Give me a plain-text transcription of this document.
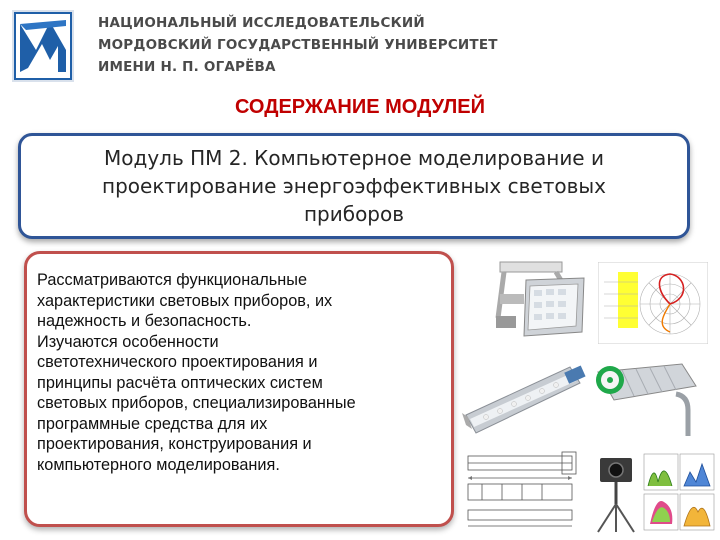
НАЦИОНАЛЬНЫЙ ИССЛЕДОВАТЕЛЬСКИЙ
МОРДОВСКИЙ ГОСУДАРСТВЕННЫЙ УНИВЕРСИТЕТ
ИМЕНИ Н. П. ОГАРЁВА
СОДЕРЖАНИЕ МОДУЛЕЙ
Модуль ПМ 2. Компьютерное моделирование и
проектирование энергоэффективных световых
приборов
Рассматриваются функциональные
характеристики световых приборов, их
надежность и безопасность.
Изучаются особенности
светотехнического проектирования и
принципы расчёта оптических систем
световых приборов, специализированные
программные средства для их
проектирования, конструирования и
компьютерного моделирования.
